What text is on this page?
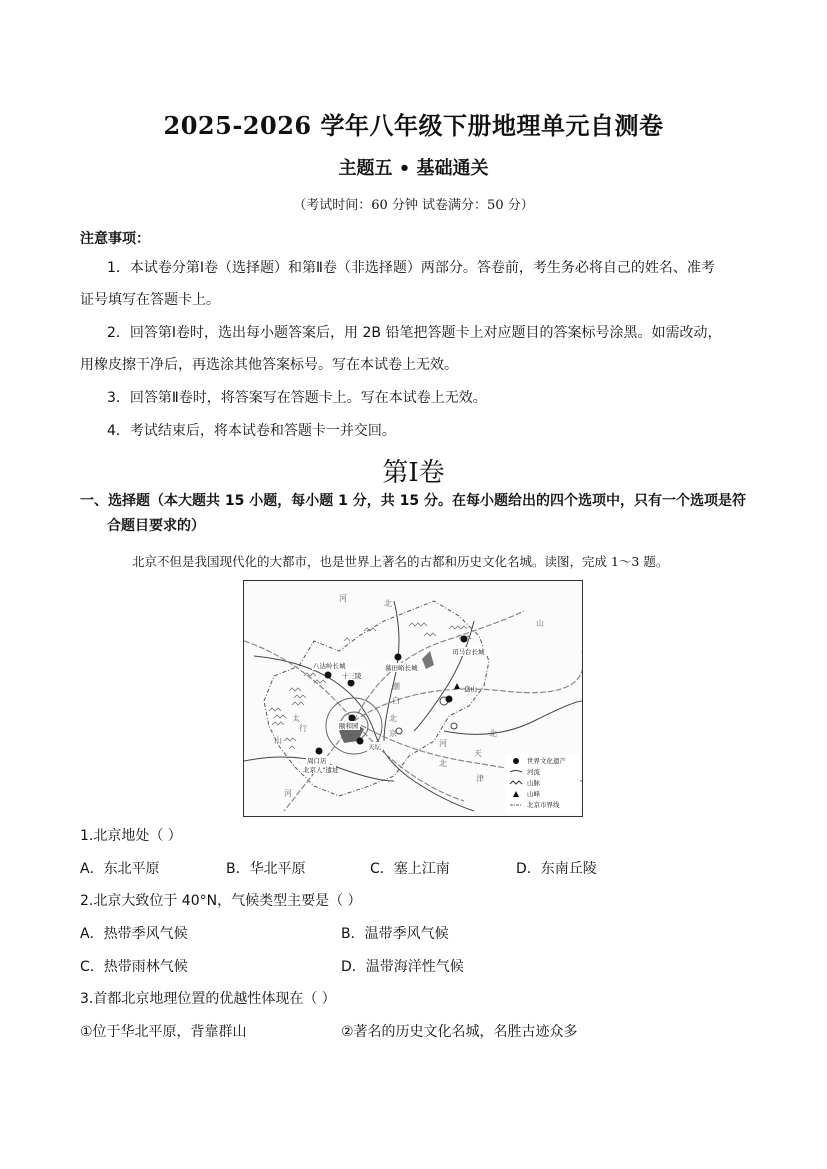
2025-2026 学年八年级下册地理单元自测卷
主题五 • 基础通关
（考试时间：60 分钟 试卷满分：50 分）
注意事项：
1．本试卷分第Ⅰ卷（选择题）和第Ⅱ卷（非选择题）两部分。答卷前，考生务必将自己的姓名、准考
证号填写在答题卡上。
2．回答第Ⅰ卷时，选出每小题答案后，用 2B 铅笔把答题卡上对应题目的答案标号涂黑。如需改动，
用橡皮擦干净后，再选涂其他答案标号。写在本试卷上无效。
3．回答第Ⅱ卷时，将答案写在答题卡上。写在本试卷上无效。
4．考试结束后，将本试卷和答题卡一并交回。
第Ⅰ卷
一、选择题（本大题共 15 小题，每小题 1 分，共 15 分。在每小题给出的四个选项中，只有一个选项是符
合题目要求的）
北京不但是我国现代化的大都市，也是世界上著名的古都和历史文化名城。读图，完成 1～3 题。
八达岭长城	慕田峪长城
司马台长城
十三陵
盘山
颐和园
天坛
周口店
北京人"遗址
河
北
山
天
津
北
京
潮
白
太
行
山	河
北
河
北
世界文化遗产
河流
山脉
山峰
北京市界线
1.北京地处（ ）
A．东北平原	B．华北平原	C．塞上江南	D．东南丘陵
2.北京大致位于 40°N，气候类型主要是（ ）
A．热带季风气候	B．温带季风气候
C．热带雨林气候	D．温带海洋性气候
3.首都北京地理位置的优越性体现在（ ）
①位于华北平原，背靠群山	②著名的历史文化名城，名胜古迹众多
